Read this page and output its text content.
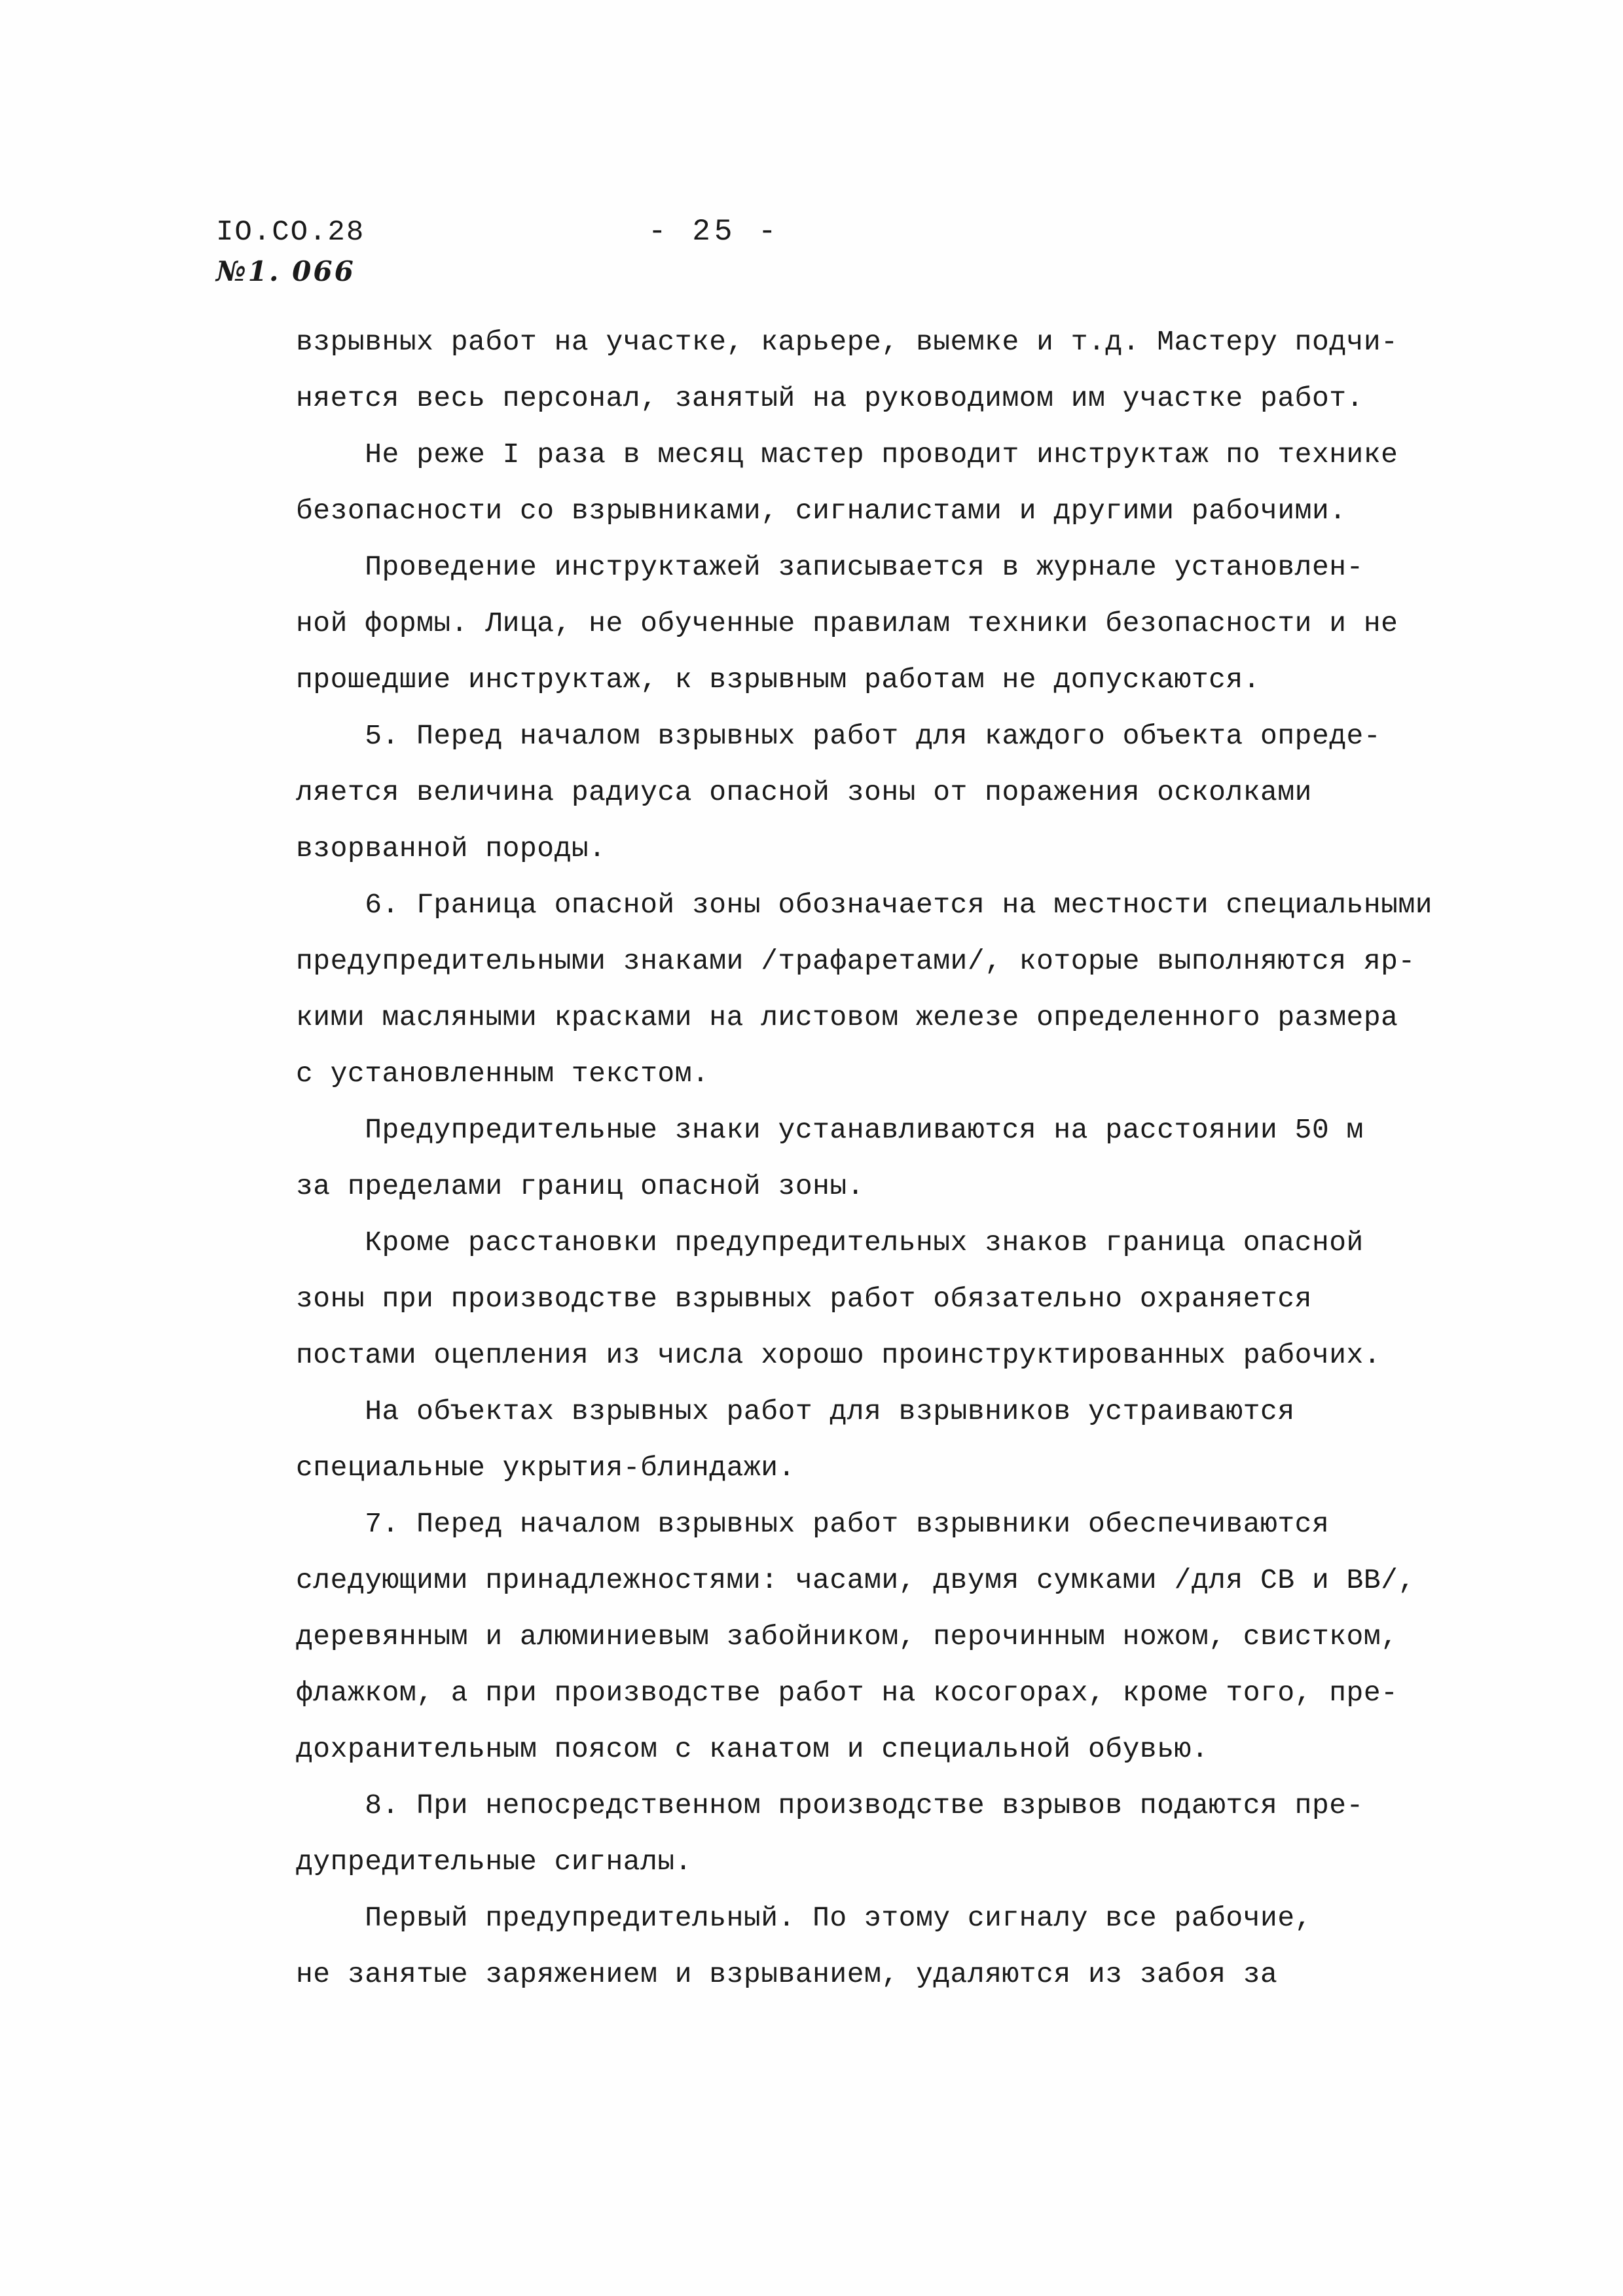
IO.CO.28
№1. 066
- 25 -

взрывных работ на участке, карьере, выемке и т.д. Мастеру подчи-

няется весь персонал, занятый на руководимом им участке работ.

Не реже I раза в месяц мастер проводит инструктаж по технике

безопасности со взрывниками, сигналистами и другими рабочими.

Проведение инструктажей записывается в журнале установлен-

ной формы. Лица, не обученные правилам техники безопасности и не

прошедшие инструктаж, к взрывным работам не допускаются.

5. Перед началом взрывных работ для каждого объекта опреде-

ляется величина радиуса опасной зоны от поражения осколками

взорванной породы.

6. Граница опасной зоны обозначается на местности специальными

предупредительными знаками /трафаретами/, которые выполняются яр-

кими масляными красками на листовом железе определенного размера

с установленным текстом.

Предупредительные знаки устанавливаются на расстоянии 50 м

за пределами границ опасной зоны.

Кроме расстановки предупредительных знаков граница опасной

зоны при производстве взрывных работ обязательно охраняется

постами оцепления из числа хорошо проинструктированных рабочих.

На объектах взрывных работ для взрывников устраиваются

специальные укрытия-блиндажи.

7. Перед началом взрывных работ взрывники обеспечиваются

следующими принадлежностями: часами, двумя сумками /для СВ и ВВ/,

деревянным и алюминиевым забойником, перочинным ножом, свистком,

флажком, а при производстве работ на косогорах, кроме того, пре-

дохранительным поясом с канатом и специальной обувью.

8. При непосредственном производстве взрывов подаются пре-

дупредительные сигналы.

Первый предупредительный. По этому сигналу все рабочие,

не занятые заряжением и взрыванием, удаляются из забоя за
